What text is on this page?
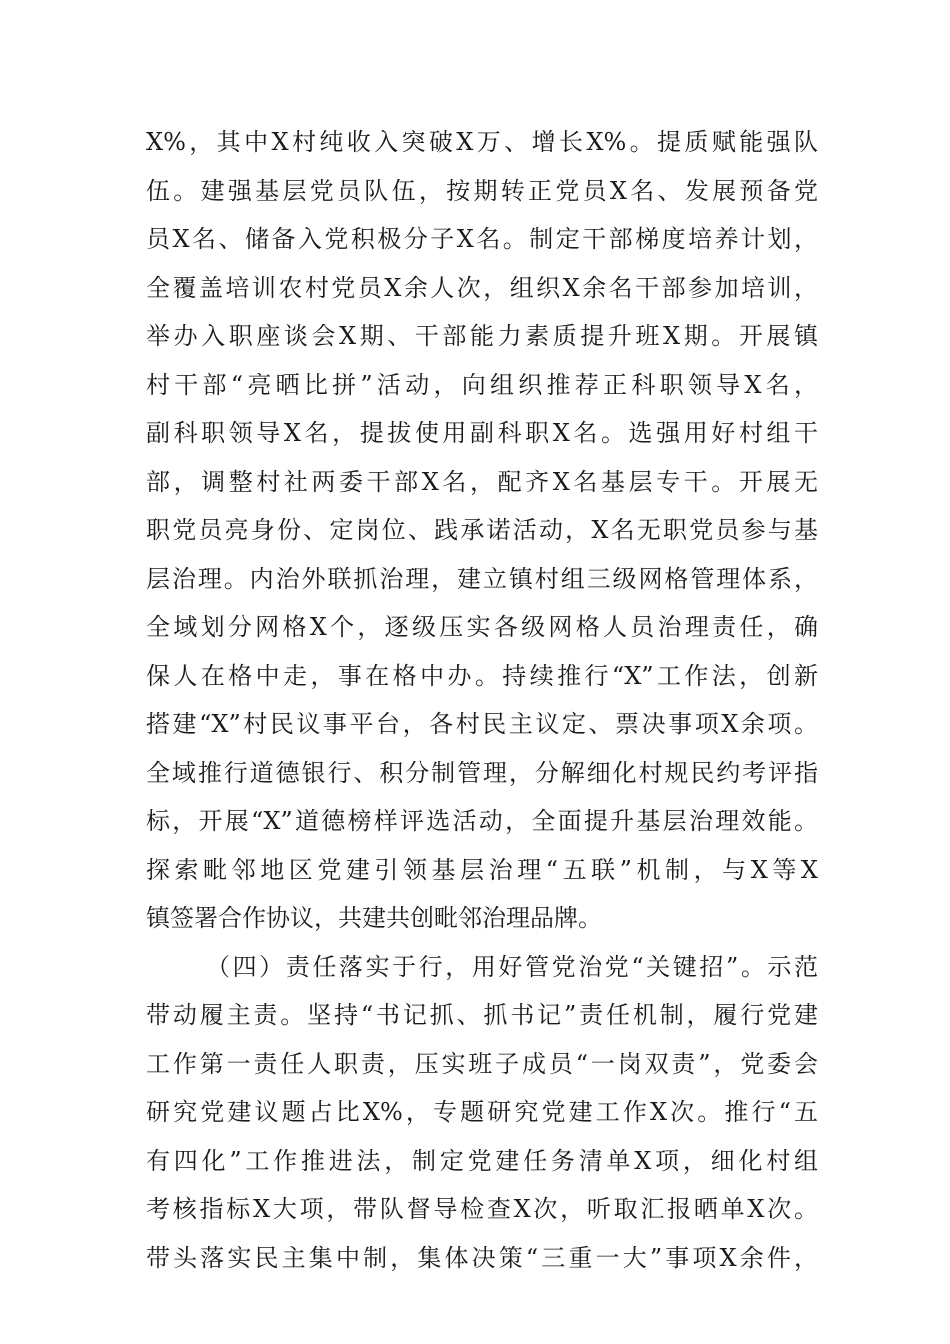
X%，其中X村纯收入突破X万、增长X%。提质赋能强队
伍。建强基层党员队伍，按期转正党员X名、发展预备党
员X名、储备入党积极分子X名。制定干部梯度培养计划，
全覆盖培训农村党员X余人次，组织X余名干部参加培训，
举办入职座谈会X期、干部能力素质提升班X期。开展镇
村干部“亮晒比拼”活动，向组织推荐正科职领导X名，
副科职领导X名，提拔使用副科职X名。选强用好村组干
部，调整村社两委干部X名，配齐X名基层专干。开展无
职党员亮身份、定岗位、践承诺活动，X名无职党员参与基
层治理。内治外联抓治理，建立镇村组三级网格管理体系，
全域划分网格X个，逐级压实各级网格人员治理责任，确
保人在格中走，事在格中办。持续推行“X”工作法，创新
搭建“X”村民议事平台，各村民主议定、票决事项X余项。
全域推行道德银行、积分制管理，分解细化村规民约考评指
标，开展“X”道德榜样评选活动，全面提升基层治理效能。
探索毗邻地区党建引领基层治理“五联”机制，与X等X
镇签署合作协议，共建共创毗邻治理品牌。
（四）责任落实于行，用好管党治党“关键招”。示范
带动履主责。坚持“书记抓、抓书记”责任机制，履行党建
工作第一责任人职责，压实班子成员“一岗双责”，党委会
研究党建议题占比X%，专题研究党建工作X次。推行“五
有四化”工作推进法，制定党建任务清单X项，细化村组
考核指标X大项，带队督导检查X次，听取汇报晒单X次。
带头落实民主集中制，集体决策“三重一大”事项X余件，
